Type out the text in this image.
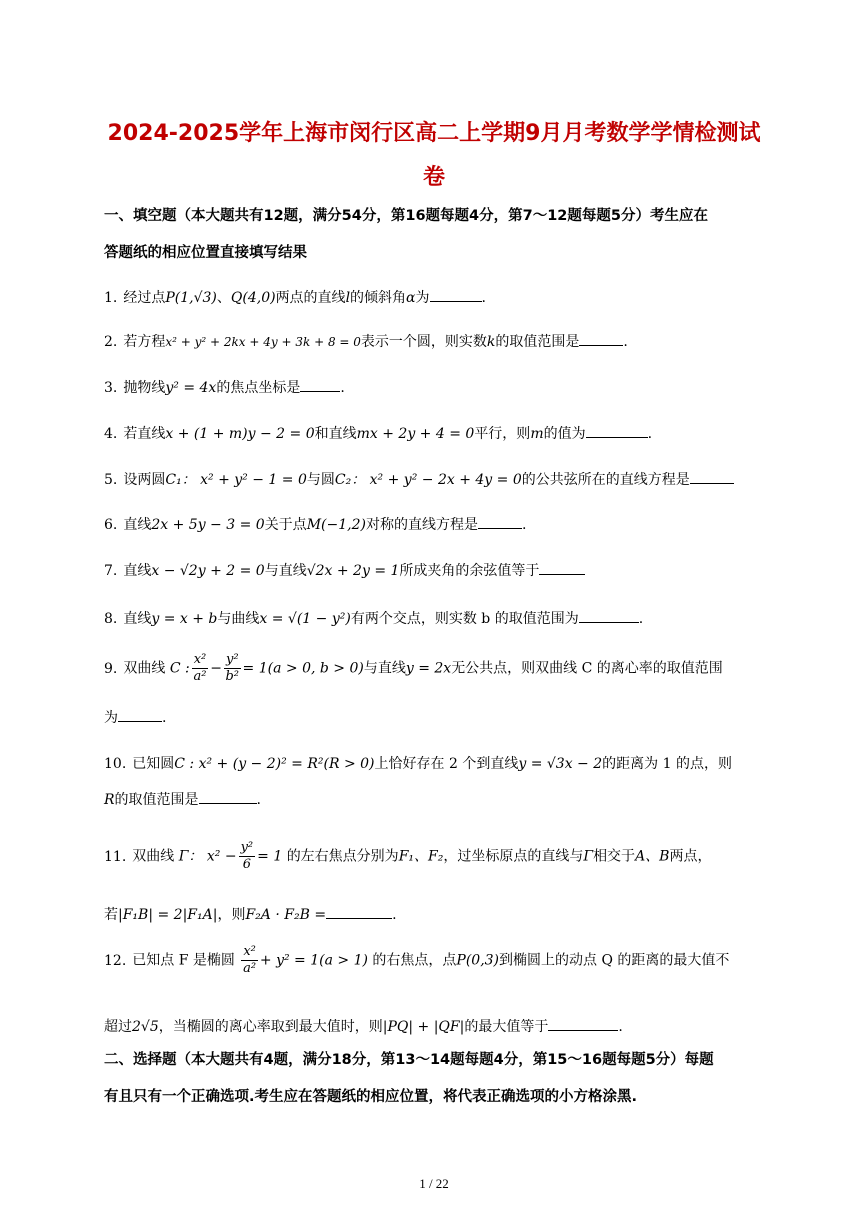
2024-2025学年上海市闵行区高二上学期9月月考数学学情检测试
卷
一、填空题（本大题共有12题，满分54分，第16题每题4分，第7～12题每题5分）考生应在
答题纸的相应位置直接填写结果
1. 经过点P(1,√3)、Q(4,0)两点的直线l的倾斜角α为	.
2. 若方程x² + y² + 2kx + 4y + 3k + 8 = 0表示一个圆，则实数k的取值范围是	.
3. 抛物线y² = 4x的焦点坐标是	.
4. 若直线x + (1 + m)y − 2 = 0和直线mx + 2y + 4 = 0平行，则m的值为	.
5. 设两圆C₁： x² + y² − 1 = 0与圆C₂： x² + y² − 2x + 4y = 0的公共弦所在的直线方程是
6. 直线2x + 5y − 3 = 0关于点M(−1,2)对称的直线方程是	.
7. 直线x − √2y + 2 = 0与直线√2x + 2y = 1所成夹角的余弦值等于
8. 直线y = x + b与曲线x = √(1 − y²)有两个交点，则实数 b 的取值范围为	.
9. 双曲线 C : $\frac{\text{x²}}{\text{a²}} - \frac{\text{y²}}{\text{b²}} = 1(a > 0$, b > 0)与直线y = 2x无公共点，则双曲线 C 的离心率的取值范围
为	.
10. 已知圆C : x² + (y − 2)² = R²(R > 0)上恰好存在 2 个到直线y = √3x − 2的距离为 1 的点，则
R的取值范围是	.
11. 双曲线 Γ： $x^2 - \frac{\text{y²}}{6} = 1$ 的左右焦点分别为F₁、F₂，过坐标原点的直线与Γ相交于A、B两点，
若|F₁B| = 2|F₁A|，则F₂A · F₂B =	.
12. 已知点 F 是椭圆 $\frac{\text{x²}}{\text{a²}} + y^2 = 1(a > 1)$ 的右焦点，点P(0,3)到椭圆上的动点 Q 的距离的最大值不
超过2√5，当椭圆的离心率取到最大值时，则|PQ| + |QF|的最大值等于	.
二、选择题（本大题共有4题，满分18分，第13～14题每题4分，第15～16题每题5分）每题
有且只有一个正确选项.考生应在答题纸的相应位置，将代表正确选项的小方格涂黑.
1 / 22
